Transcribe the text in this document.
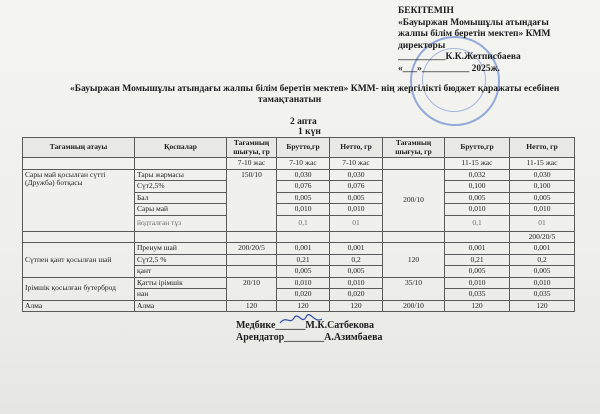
БЕКІТЕМІН
«Бауыржан Момышұлы атындағы
жалпы білім беретін мектеп» КММ
директоры
__________К.К.Жетписбаева
«___»__________ 2025ж.
«Бауыржан Момышұлы атындағы жалпы білім беретін мектеп» КММ- нің жергілікті бюджет қаражаты есебінен
тамақтанатын
2 апта
1 күн
Тағамның атауы	Қоспалар	Тағамның шығуы, гр	Брутто,гр	Нетто, гр	Тағамның шығуы, гр	Брутто,гр	Нетто, гр
		7-10 жас	7-10 жас	7-10 жас		11-15 жас	11-15 жас
Сары май қосылған сүтті (Дружба) ботқасы	Тары жармасы	150/10	0,030	0,030	200/10	0,032	0,030
	Сүт2,5%		0,076	0,076		0,100	0,100
	Бал		0,005	0,005		0,005	0,005
	Сары май		0,010	0,010		0,010	0,010
	йодталған тұз		0,1	01		0,1	01
							200/20/5
Сүтпен қант қосылған шай	Пренум шай	200/20/5	0,001	0,001	120	0,001	0,001
	Сүт2,5 %		0,21	0,2		0,21	0,2
	қант		0,005	0,005		0,005	0,005
Ірімшік қосылған бутерброд	Қатты ірімшік	20/10	0,010	0,010	35/10	0,010	0,010
	нан		0,020	0,020		0,035	0,035
Алма	Алма	120	120	120	200/10	120	120
Медбике______М.К.Сатбекова
Арендатор________А.Азимбаева
